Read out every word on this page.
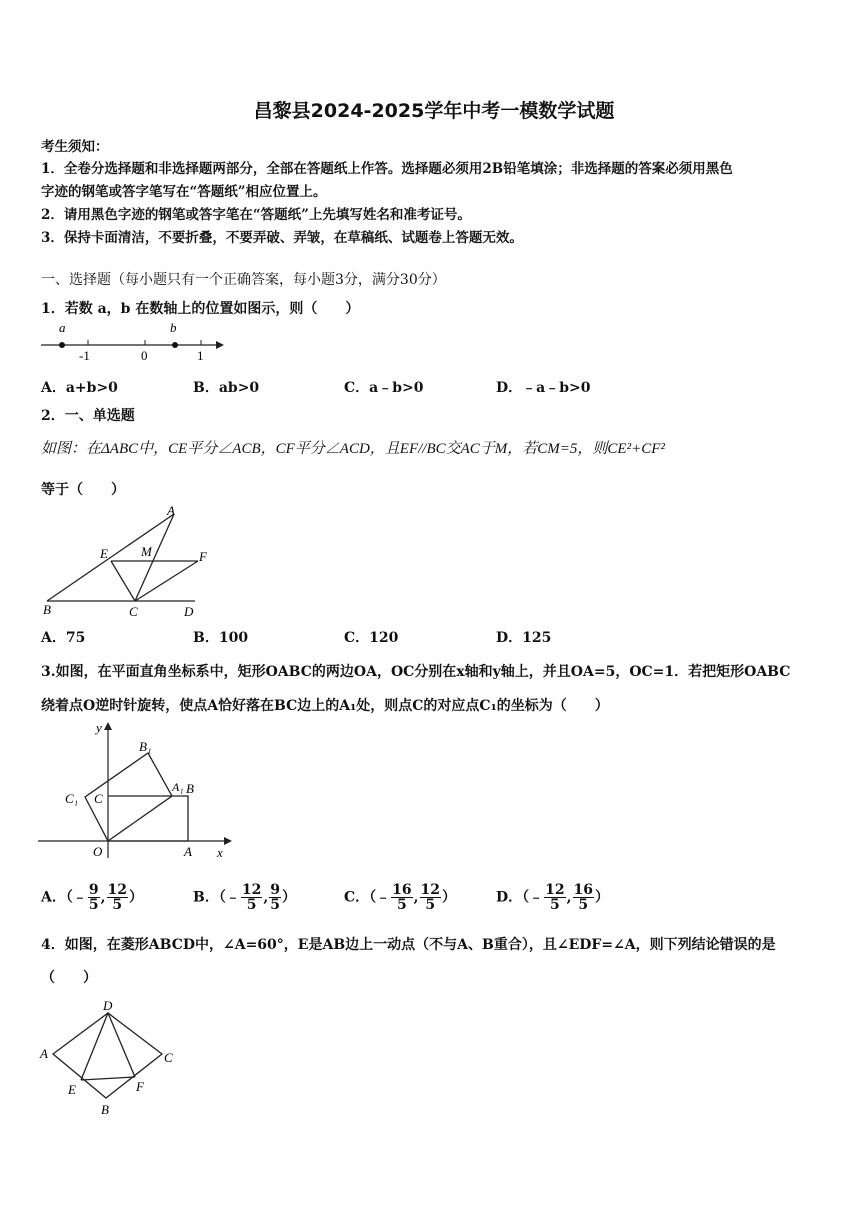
昌黎县2024-2025学年中考一模数学试题
考生须知：
1．全卷分选择题和非选择题两部分，全部在答题纸上作答。选择题必须用2B铅笔填涂；非选择题的答案必须用黑色
字迹的钢笔或答字笔写在“答题纸”相应位置上。
2．请用黑色字迹的钢笔或答字笔在“答题纸”上先填写姓名和准考证号。
3．保持卡面清洁，不要折叠，不要弄破、弄皱，在草稿纸、试题卷上答题无效。
一、选择题（每小题只有一个正确答案，每小题3分，满分30分）
1．若数 a，b 在数轴上的位置如图示，则（　　）
a	b
-1	0	1
A．a+b>0	B．ab>0	C．a﹣b>0	D．﹣a﹣b>0
2．一、单选题
如图：在ΔABC中，CE平分∠ACB，CF平分∠ACD，且EF//BC交AC于M，若CM=5，则CE²+CF²
等于（　　）
A
B	C	D
E	F
M
A．75	B．100	C．120	D．125
3.如图，在平面直角坐标系中，矩形OABC的两边OA，OC分别在x轴和y轴上，并且OA=5，OC=1．若把矩形OABC
绕着点O逆时针旋转，使点A恰好落在BC边上的A₁处，则点C的对应点C₁的坐标为（　　）
y
x
O	A
B
C
A₁
B₁
C₁
A．（﹣ $\frac{9}{5}$ , $\frac{12}{5}$ ）	B．（﹣ $\frac{12}{5}$ , $\frac{9}{5}$ ）	C．（﹣ $\frac{16}{5}$ , $\frac{12}{5}$ ）	D．（﹣ $\frac{12}{5}$ , $\frac{16}{5}$ ）
4．如图，在菱形ABCD中，∠A=60°，E是AB边上一动点（不与A、B重合），且∠EDF=∠A，则下列结论错误的是
（　　）
D
A	C
B
E	F
